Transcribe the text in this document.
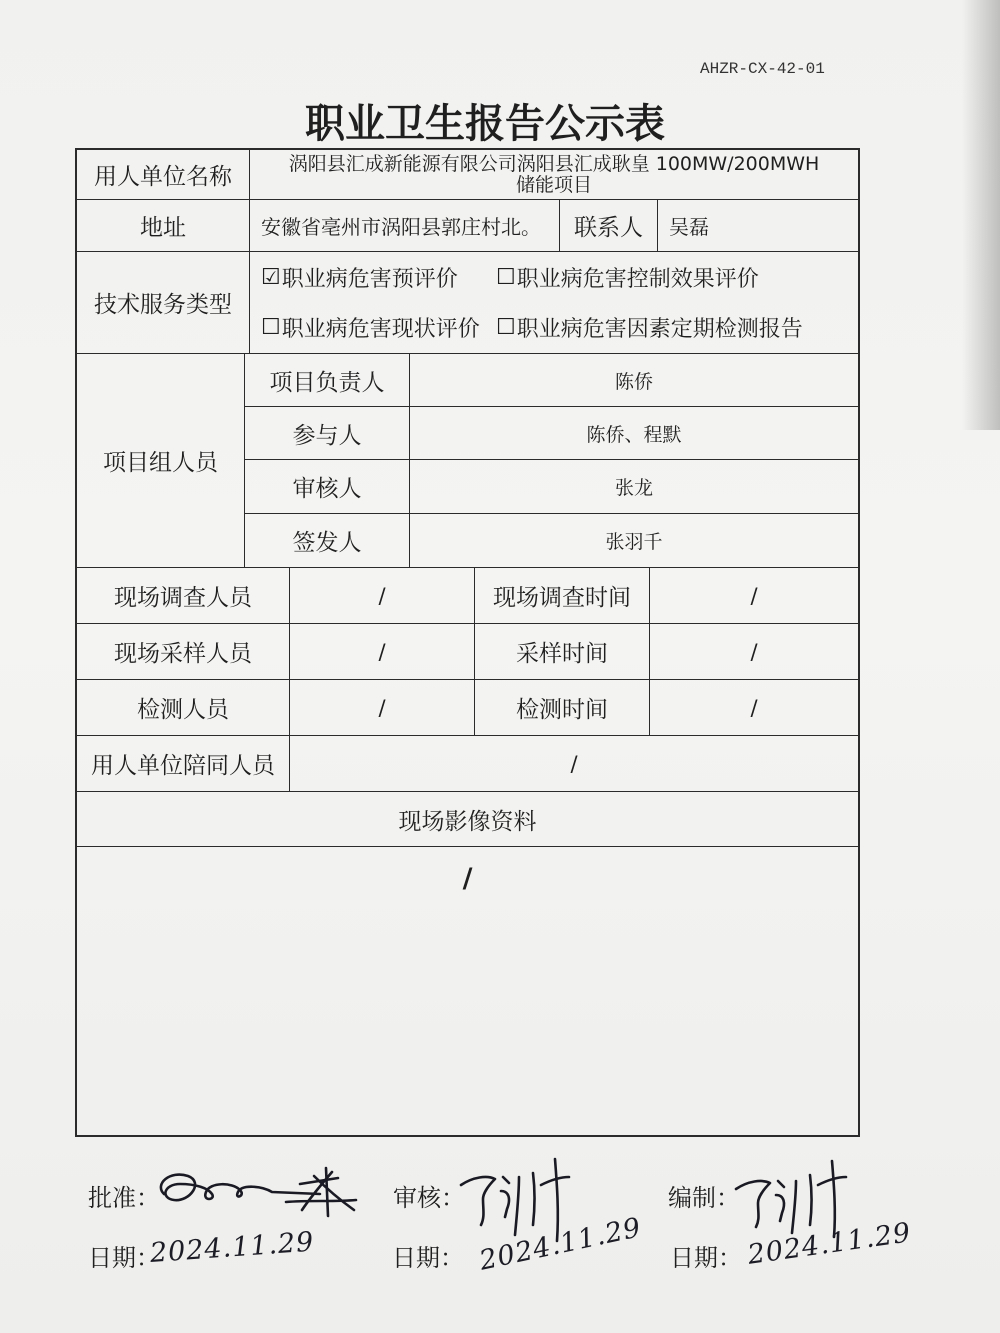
AHZR-CX-42-01
职业卫生报告公示表
用人单位名称
涡阳县汇成新能源有限公司涡阳县汇成耿皇 100MW/200MWH
储能项目
地址	安徽省亳州市涡阳县郭庄村北。 联系人 吴磊
技术服务类型
☑ 职业病危害预评价 ☐ 职业病危害控制效果评价
☐ 职业病危害现状评价 ☐ 职业病危害因素定期检测报告
项目组人员
项目负责人	陈侨
参与人	陈侨、程默
审核人	张龙
签发人	张羽千
现场调查人员	/	现场调查时间	/
现场采样人员	/	采样时间	/
检测人员	/	检测时间	/
用人单位陪同人员	/
现场影像资料
/
批准：	审核：	编制：
日期：
2024.11.29	日期： 2024.11.29 日期： 2024.11.29
